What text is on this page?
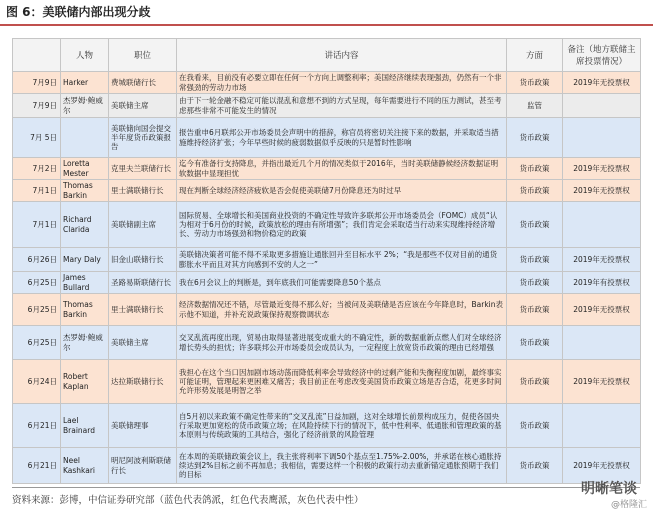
图 6：美联储内部出现分歧
	人物	职位	讲话内容	方面	备注（地方联储主席投票情况）
7月9日	Harker	费城联储行长	在我看来，目前没有必要立即在任何一个方向上调整利率；美国经济继续表现强劲，仍然有一个非常强劲的劳动力市场	货币政策	2019年无投票权
7月9日	杰罗姆·鲍威尔	美联储主席	由于下一轮金融不稳定可能以混乱和意想不到的方式呈现，每年需要进行不同的压力测试，甚至考虑那些非常不可能发生的情况	监管	
7月 5日		美联储向国会提交半年度货币政策报告	报告重申6月联邦公开市场委员会声明中的措辞，称官员将密切关注接下来的数据，并采取适当措施维持经济扩张；今年早些时候的疲弱数据似乎反映的只是暂时性影响	货币政策	
7月2日	Loretta Mester	克里夫兰联储行长	迄今有准备行支持降息，并指出最近几个月的情况类似于2016年，当时美联储静候经济数据证明软数据中显现担忧	货币政策	2019年无投票权
7月1日	Thomas Barkin	里士满联储行长	现在判断全球经济经济疲软是否会促使美联储7月份降息还为时过早	货币政策	2019年无投票权
7月1日	Richard Clarida	美联储副主席	国际贸易、全球增长和美国商业投资的不确定性导致许多联邦公开市场委员会（FOMC）成员“认为相对于6月份的时候，政策放松的理由有所增强”；我们肯定会采取适当行动来实现维持经济增长、劳动力市场强劲和物价稳定的政策	货币政策	
6月26日	Mary Daly	旧金山联储行长	美联储决策者可能不得不采取更多措施让通胀回升至目标水平 2%；“我是那些不仅对目前的通货膨胀水平而且对其方向感到不安的人之一”	货币政策	2019年无投票权
6月25日	James Bullard	圣路易斯联储行长	我在6月会议上的判断是，到年底我们可能需要降息50个基点	货币政策	2019年有投票权
6月25日	Thomas Barkin	里士满联储行长	经济数据情况还不错，尽管最近变得不那么好；当被问及美联储是否应该在今年降息时，Barkin表示他不知道，并补充说政策保持观察微调状态	货币政策	2019年无投票权
6月25日	杰罗姆·鲍威尔	美联储主席	交叉乱流再度出现，贸易由取得显著进展变成重大的不确定性，新的数据重新点燃人们对全球经济增长势头的担忧；许多联邦公开市场委员会成员认为，一定程度上放宽货币政策的理由已经增强	货币政策	
6月24日	Robert Kaplan	达拉斯联储行长	我担心在这个当口因加剧市场动荡而降低利率会导致经济中的过剩产能和失衡程度加剧，最终事实可能证明，管理起来更困难又痛苦；我目前正在考虑改变美国货币政策立场是否合适，花更多时间允许形势发展是明智之举	货币政策	2019年无投票权
6月21日	Lael Brainard	美联储理事	自5月初以来政策不确定性带来的“交叉乱流”日益加剧，这对全球增长前景构成压力，促使各国央行采取更加宽松的货币政策立场；在风险持续下行的情况下，低中性利率、低通胀和管理政策的基本原则与传统政策的工具结合，强化了经济前景的风险管理	货币政策	
6月21日	Neel Kashkari	明尼阿波利斯联储行长	在本周的美联储政策会议上，我主张将利率下调50个基点至1.75%-2.00%，并承诺在核心通胀持续达到2%目标之前不再加息；我相信，需要这样一个积极的政策行动去重新锚定通胀预期于我们的目标	货币政策	2019年无投票权
资料来源：彭博，中信证券研究部（蓝色代表鸽派，红色代表鹰派，灰色代表中性）
明晰笔谈
@格隆汇
